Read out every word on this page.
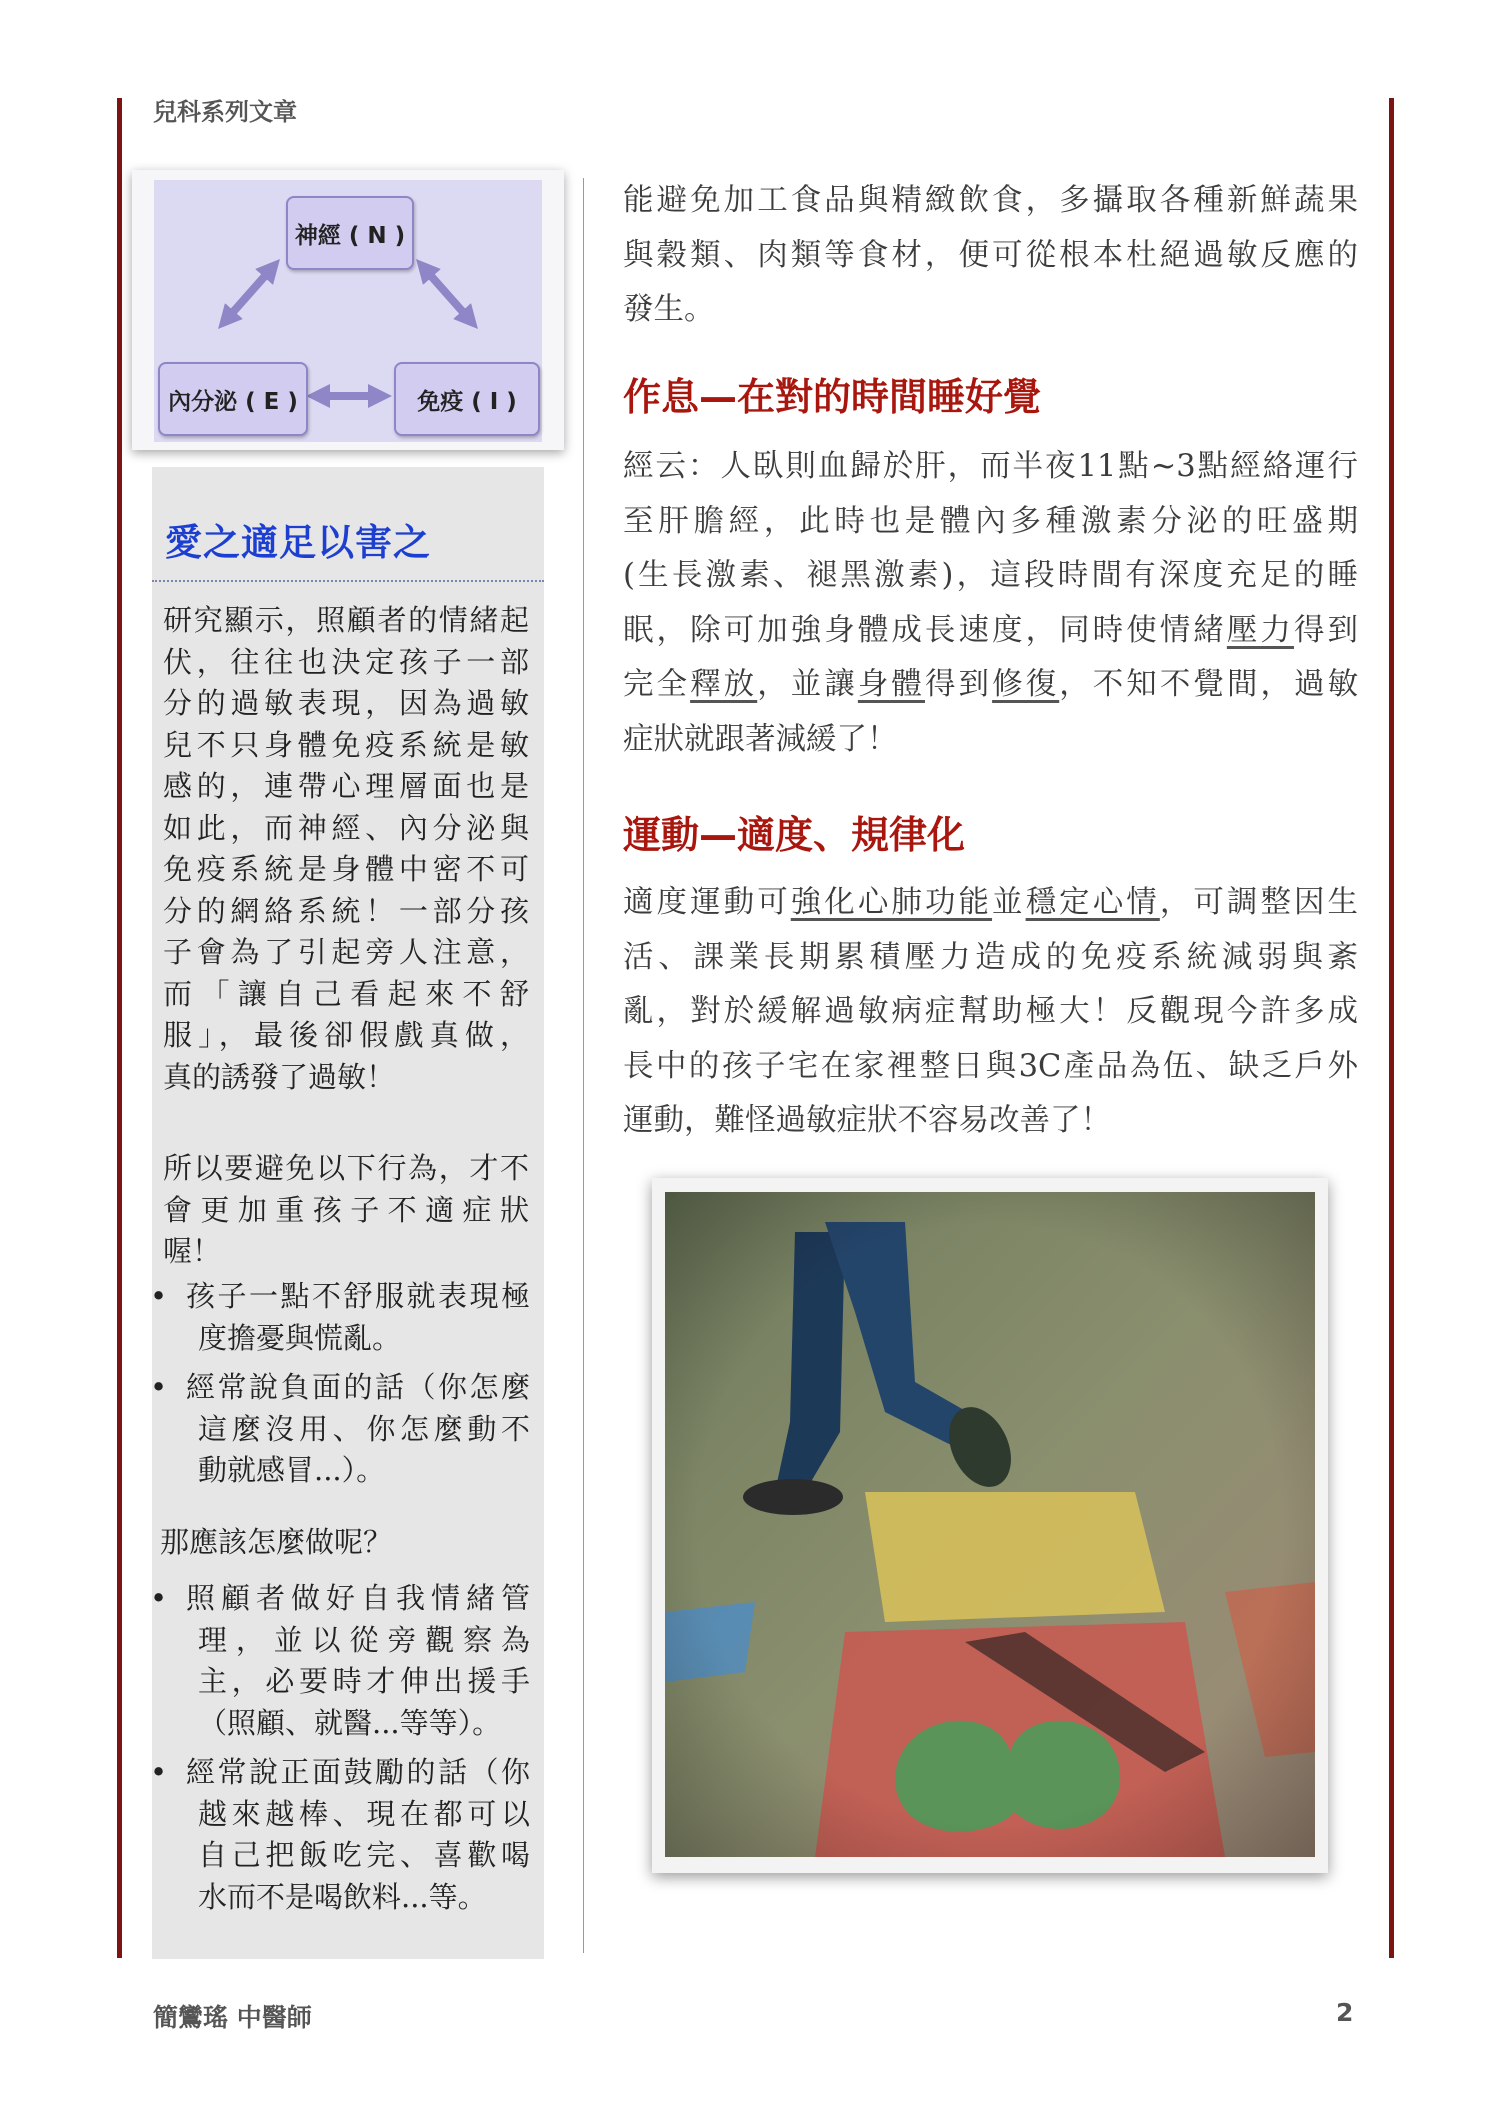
兒科系列文章
神經 ( N )
內分泌 ( E )	免疫 ( I )
愛之適足以害之

研究顯示，照顧者的情緒起

伏，往往也決定孩子一部

分的過敏表現，因為過敏

兒不只身體免疫系統是敏

感的，連帶心理層面也是

如此，而神經、內分泌與

免疫系統是身體中密不可

分的網絡系統！一部分孩

子會為了引起旁人注意，

而「讓自己看起來不舒

服」，最後卻假戲真做，

真的誘發了過敏！

所以要避免以下行為，才不

會更加重孩子不適症狀

喔！

• 孩子一點不舒服就表現極
度擔憂與慌亂。
• 經常說負面的話（你怎麼
這麼沒用、你怎麼動不
動就感冒...）。
那應該怎麼做呢？
• 照顧者做好自我情緒管
理，並以從旁觀察為
主，必要時才伸出援手
（照顧、就醫...等等）。
• 經常說正面鼓勵的話（你
越來越棒、現在都可以
自己把飯吃完、喜歡喝
水而不是喝飲料...等。

能避免加工食品與精緻飲食，多攝取各種新鮮蔬果

與穀類、肉類等食材，便可從根本杜絕過敏反應的

發生。

作息—在對的時間睡好覺

經云：人臥則血歸於肝，而半夜11點~3點經絡運行

至肝膽經，此時也是體內多種激素分泌的旺盛期

(生長激素、褪黑激素)，這段時間有深度充足的睡

眠，除可加強身體成長速度，同時使情緒壓力得到

完全釋放，並讓身體得到修復，不知不覺間，過敏

症狀就跟著減緩了！

運動—適度、規律化

適度運動可強化心肺功能並穩定心情，可調整因生

活、課業長期累積壓力造成的免疫系統減弱與紊

亂，對於緩解過敏病症幫助極大！反觀現今許多成

長中的孩子宅在家裡整日與3C產品為伍、缺乏戶外

運動，難怪過敏症狀不容易改善了！

簡鸞瑤 中醫師	2
